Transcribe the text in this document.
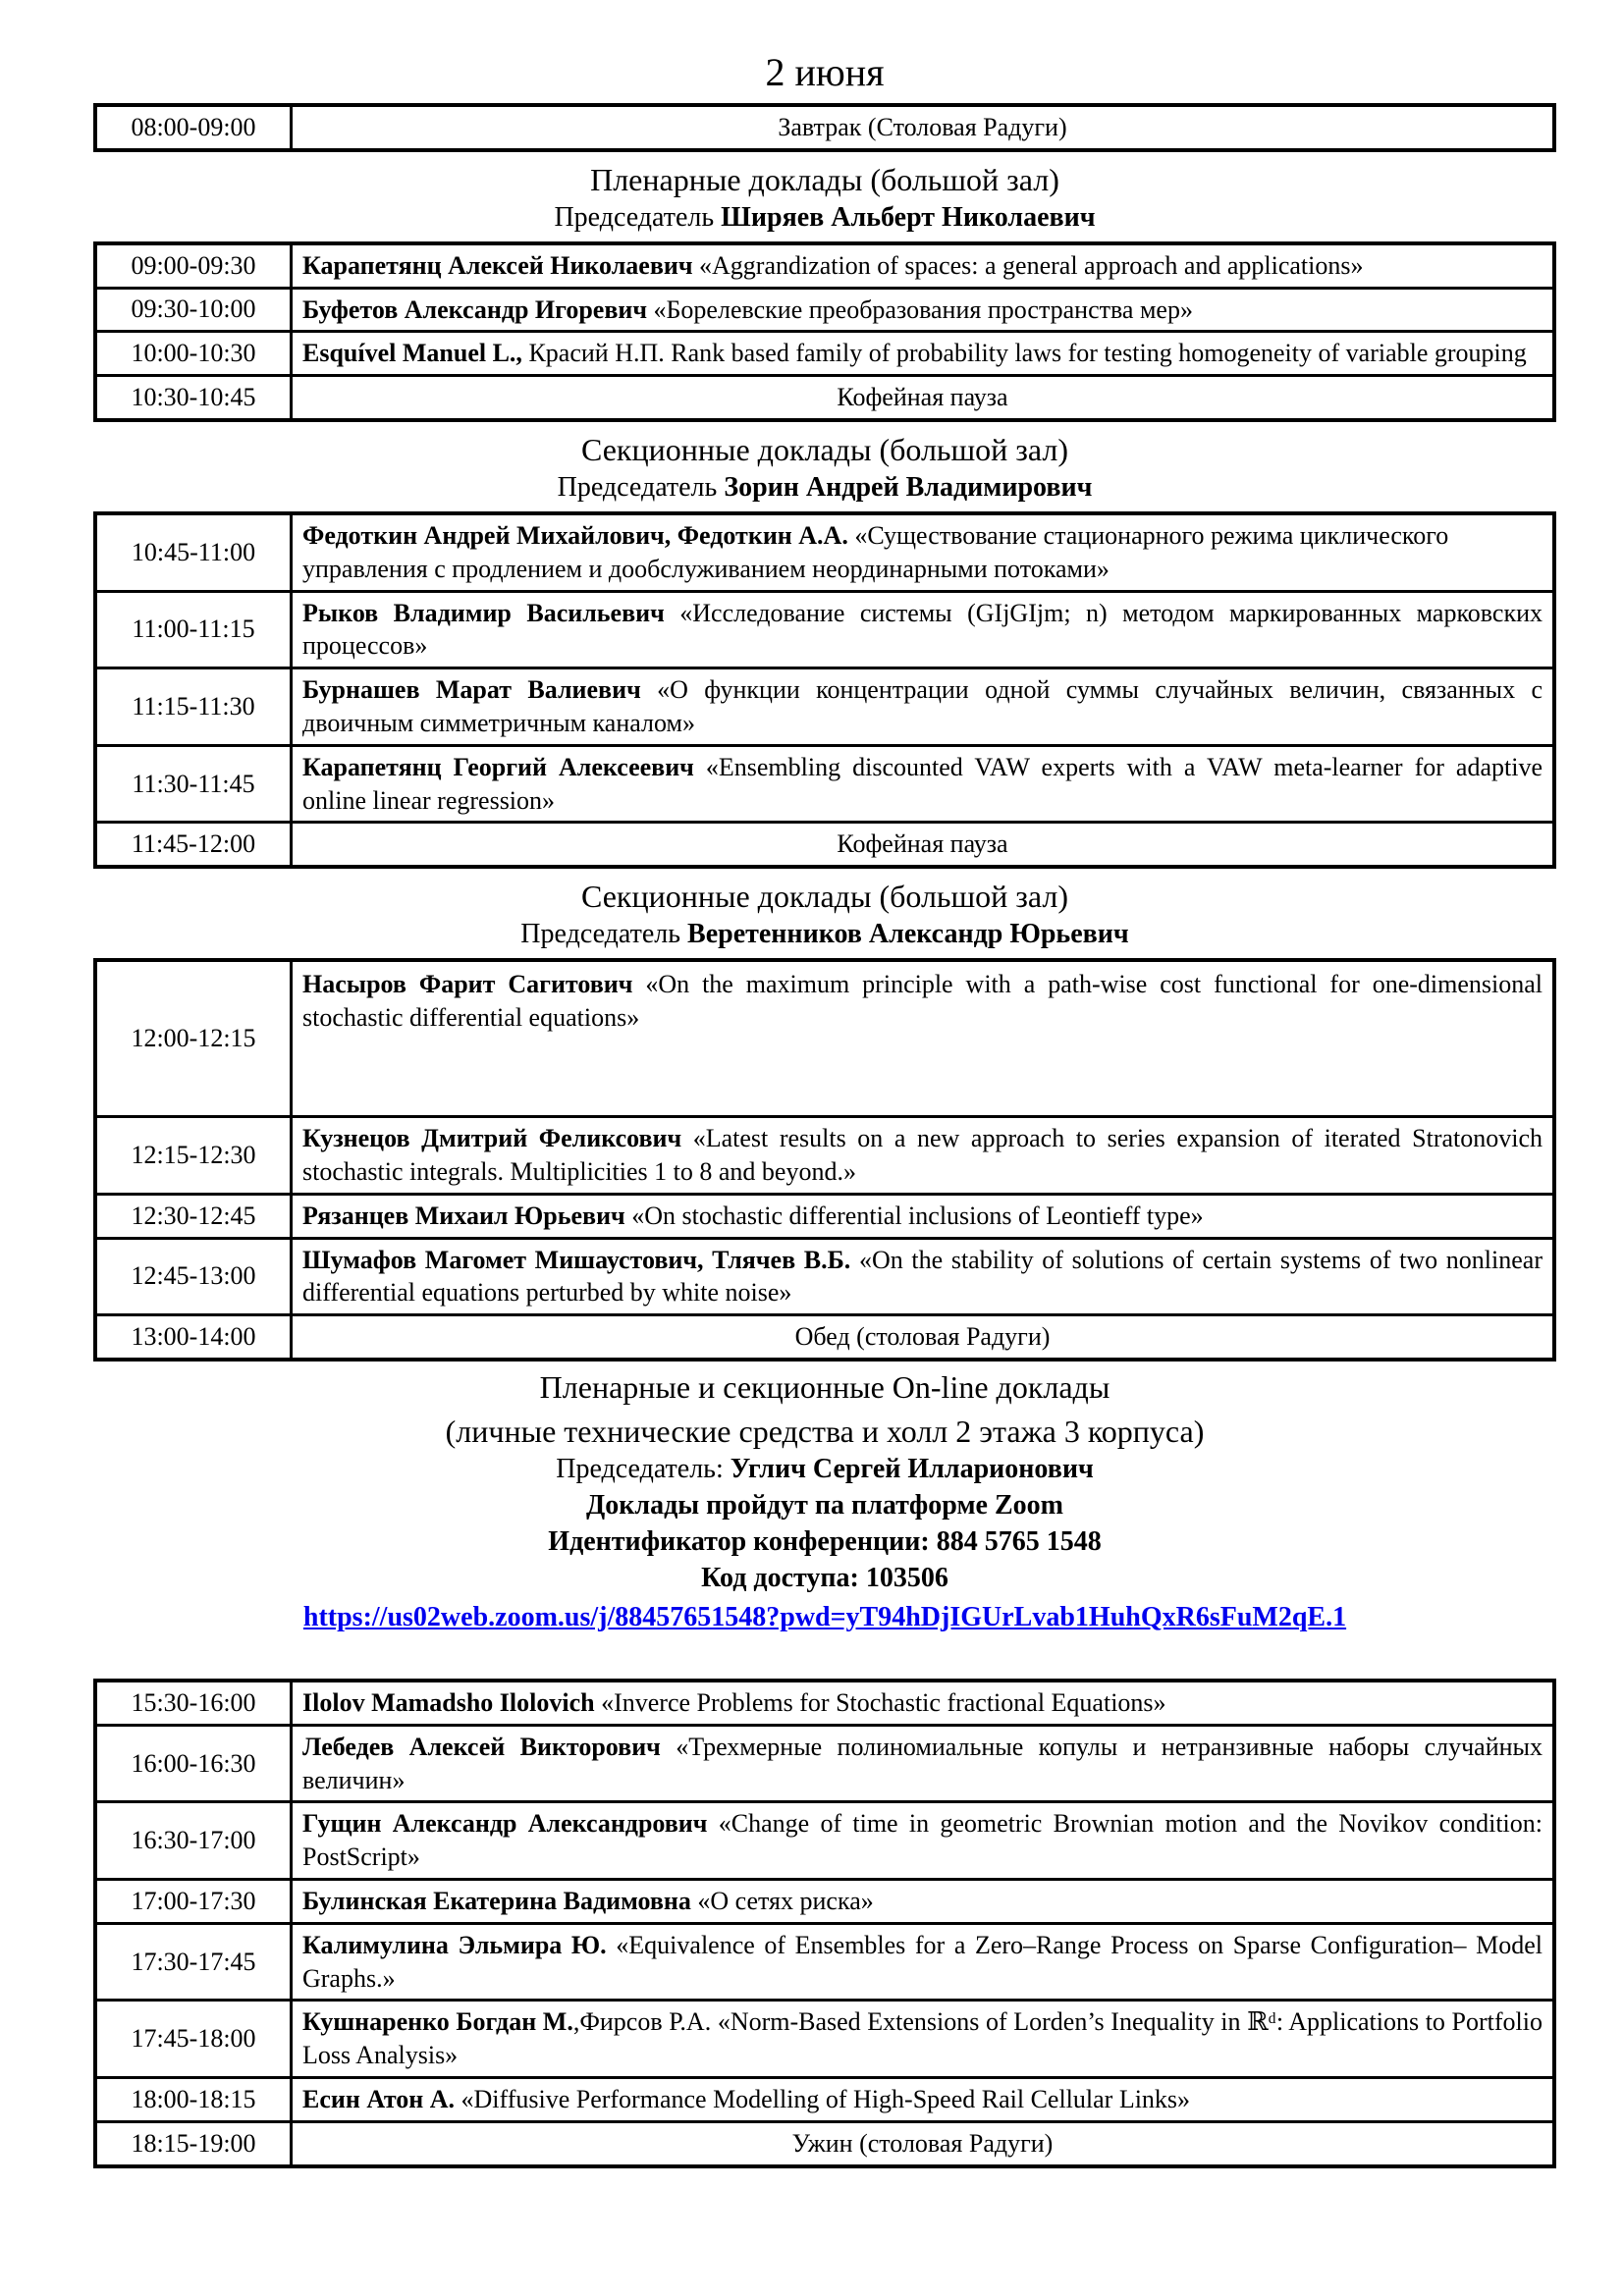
2 июня
08:00-09:00	Завтрак (Столовая Радуги)
Пленарные доклады (большой зал)
Председатель Ширяев Альберт Николаевич
09:00-09:30	Карапетянц Алексей Николаевич «Aggrandization of spaces: a general approach and applications»
09:30-10:00	Буфетов Александр Игоревич «Борелевские преобразования пространства мер»
10:00-10:30	Esquível Manuel L., Красий Н.П. Rank based family of probability laws for testing homogeneity of variable grouping
10:30-10:45	Кофейная пауза
Секционные доклады (большой зал)
Председатель Зорин Андрей Владимирович
10:45-11:00	Федоткин Андрей Михайлович, Федоткин А.А. «Существование стационарного режима циклического управления с продлением и дообслуживанием неординарными потоками»
11:00-11:15	Рыков Владимир Васильевич «Исследование системы (GIjGIjm; n) методом маркированных марковских процессов»
11:15-11:30	Бурнашев Марат Валиевич «О функции концентрации одной суммы случайных величин, связанных с двоичным симметричным каналом»
11:30-11:45	Карапетянц Георгий Алексеевич «Ensembling discounted VAW experts with a VAW meta-learner for adaptive online linear regression»
11:45-12:00	Кофейная пауза
Секционные доклады (большой зал)
Председатель Веретенников Александр Юрьевич
12:00-12:15	Насыров Фарит Сагитович «On the maximum principle with a path-wise cost functional for one-dimensional stochastic differential equations»
12:15-12:30	Кузнецов Дмитрий Феликсович «Latest results on a new approach to series expansion of iterated Stratonovich stochastic integrals. Multiplicities 1 to 8 and beyond.»
12:30-12:45	Рязанцев Михаил Юрьевич «On stochastic differential inclusions of Leontieff type»
12:45-13:00	Шумафов Магомет Мишаустович, Тлячев В.Б. «On the stability of solutions of certain systems of two nonlinear differential equations perturbed by white noise»
13:00-14:00	Обед (столовая Радуги)
Пленарные и секционные On-line доклады
(личные технические средства и холл 2 этажа 3 корпуса)
Председатель: Углич Сергей Илларионович
Доклады пройдут па платформе Zoom
Идентификатор конференции: 884 5765 1548
Код доступа: 103506
https://us02web.zoom.us/j/88457651548?pwd=yT94hDjIGUrLvab1HuhQxR6sFuM2qE.1
15:30-16:00	Ilolov Mamadsho Ilolovich «Inverce Problems for Stochastic fractional Equations»
16:00-16:30	Лебедев Алексей Викторович «Трехмерные полиномиальные копулы и нетранзивные наборы случайных величин»
16:30-17:00	Гущин Александр Александрович «Change of time in geometric Brownian motion and the Novikov condition: PostScript»
17:00-17:30	Булинская Екатерина Вадимовна «О сетях риска»
17:30-17:45	Калимулина Эльмира Ю. «Equivalence of Ensembles for a Zero–Range Process on Sparse Configuration– Model Graphs.»
17:45-18:00	Кушнаренко Богдан М.,Фирсов Р.А. «Norm-Based Extensions of Lorden’s Inequality in ℝᵈ: Applications to Portfolio Loss Analysis»
18:00-18:15	Есин Атон А. «Diffusive Performance Modelling of High-Speed Rail Cellular Links»
18:15-19:00	Ужин (столовая Радуги)
